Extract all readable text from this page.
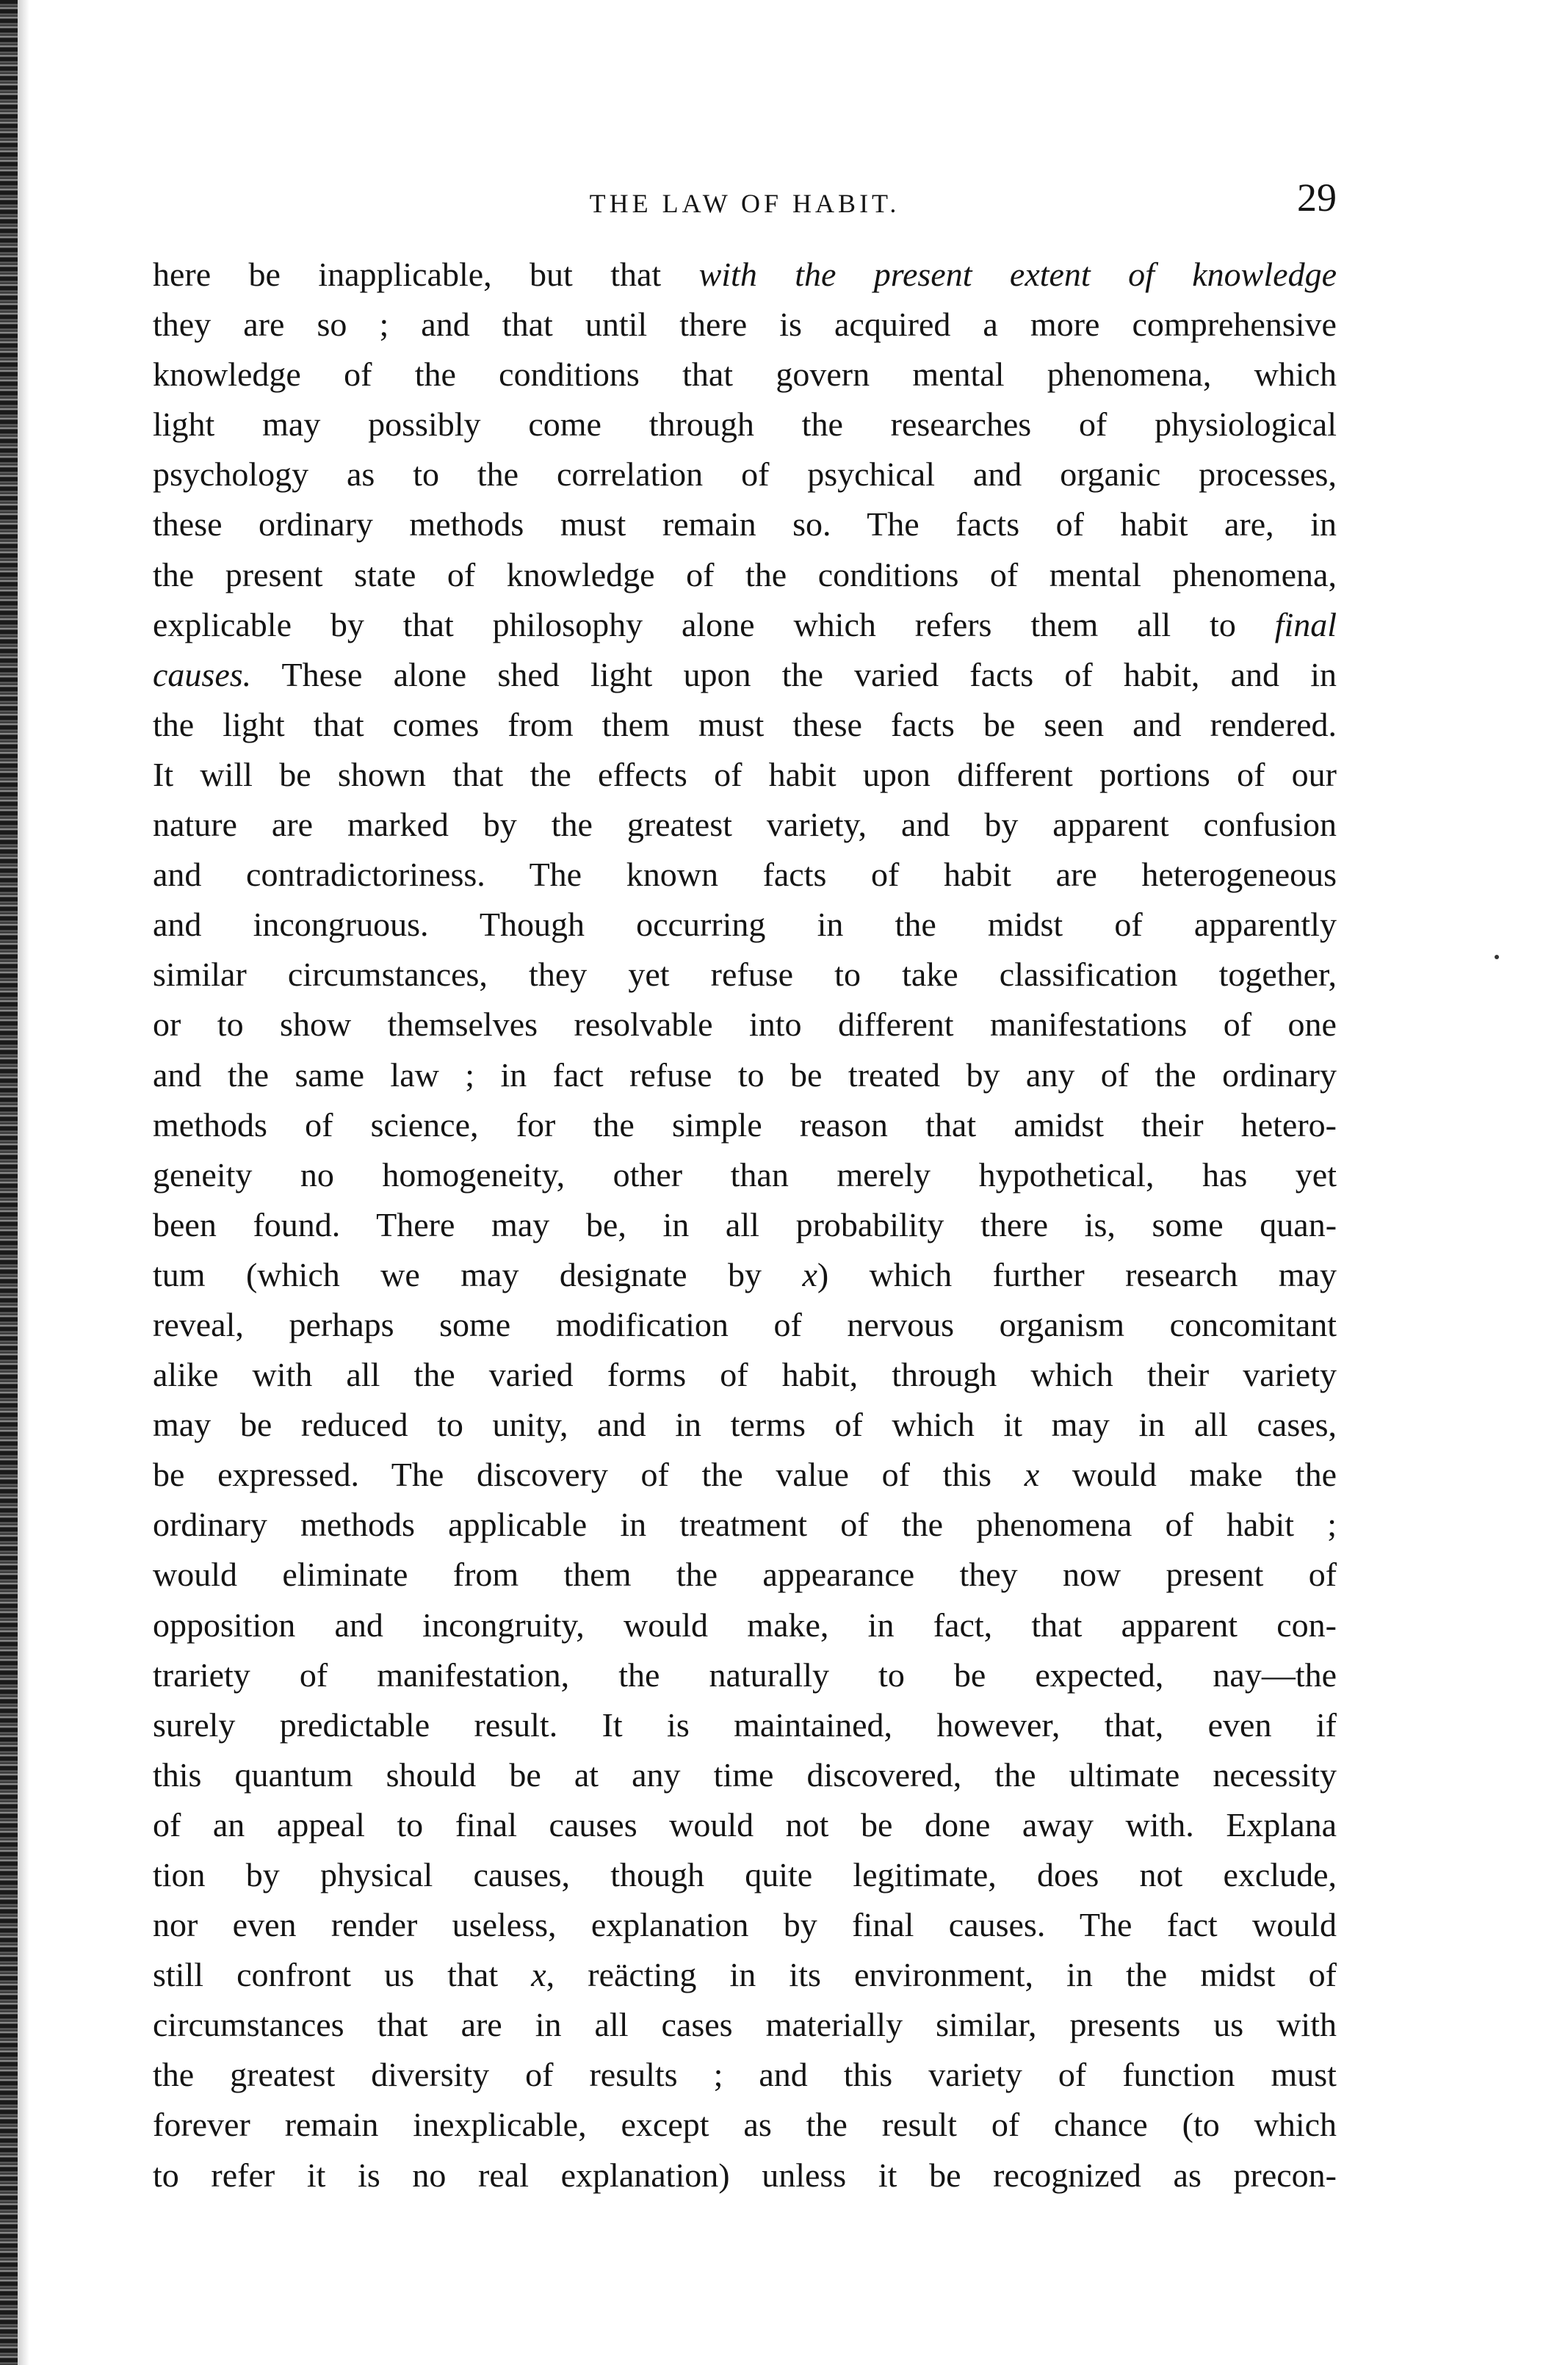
THE LAW OF HABIT.	29
here be inapplicable, but that with the present extent of knowledge
they are so ; and that until there is acquired a more comprehensive
knowledge of the conditions that govern mental phenomena, which
light may possibly come through the researches of physiological
psychology as to the correlation of psychical and organic processes,
these ordinary methods must remain so. The facts of habit are, in
the present state of knowledge of the conditions of mental phenomena,
explicable by that philosophy alone which refers them all to final
causes. These alone shed light upon the varied facts of habit, and in
the light that comes from them must these facts be seen and rendered.
It will be shown that the effects of habit upon different portions of our
nature are marked by the greatest variety, and by apparent confusion
and contradictoriness. The known facts of habit are heterogeneous
and incongruous. Though occurring in the midst of apparently
similar circumstances, they yet refuse to take classification together,
or to show themselves resolvable into different manifestations of one
and the same law ; in fact refuse to be treated by any of the ordinary
methods of science, for the simple reason that amidst their hetero-
geneity no homogeneity, other than merely hypothetical, has yet
been found. There may be, in all probability there is, some quan-
tum (which we may designate by x) which further research may
reveal, perhaps some modification of nervous organism concomitant
alike with all the varied forms of habit, through which their variety
may be reduced to unity, and in terms of which it may in all cases,
be expressed. The discovery of the value of this x would make the
ordinary methods applicable in treatment of the phenomena of habit ;
would eliminate from them the appearance they now present of
opposition and incongruity, would make, in fact, that apparent con-
trariety of manifestation, the naturally to be expected, nay—the
surely predictable result. It is maintained, however, that, even if
this quantum should be at any time discovered, the ultimate necessity
of an appeal to final causes would not be done away with. Explana
tion by physical causes, though quite legitimate, does not exclude,
nor even render useless, explanation by final causes. The fact would
still confront us that x, reäcting in its environment, in the midst of
circumstances that are in all cases materially similar, presents us with
the greatest diversity of results ; and this variety of function must
forever remain inexplicable, except as the result of chance (to which
to refer it is no real explanation) unless it be recognized as precon-
